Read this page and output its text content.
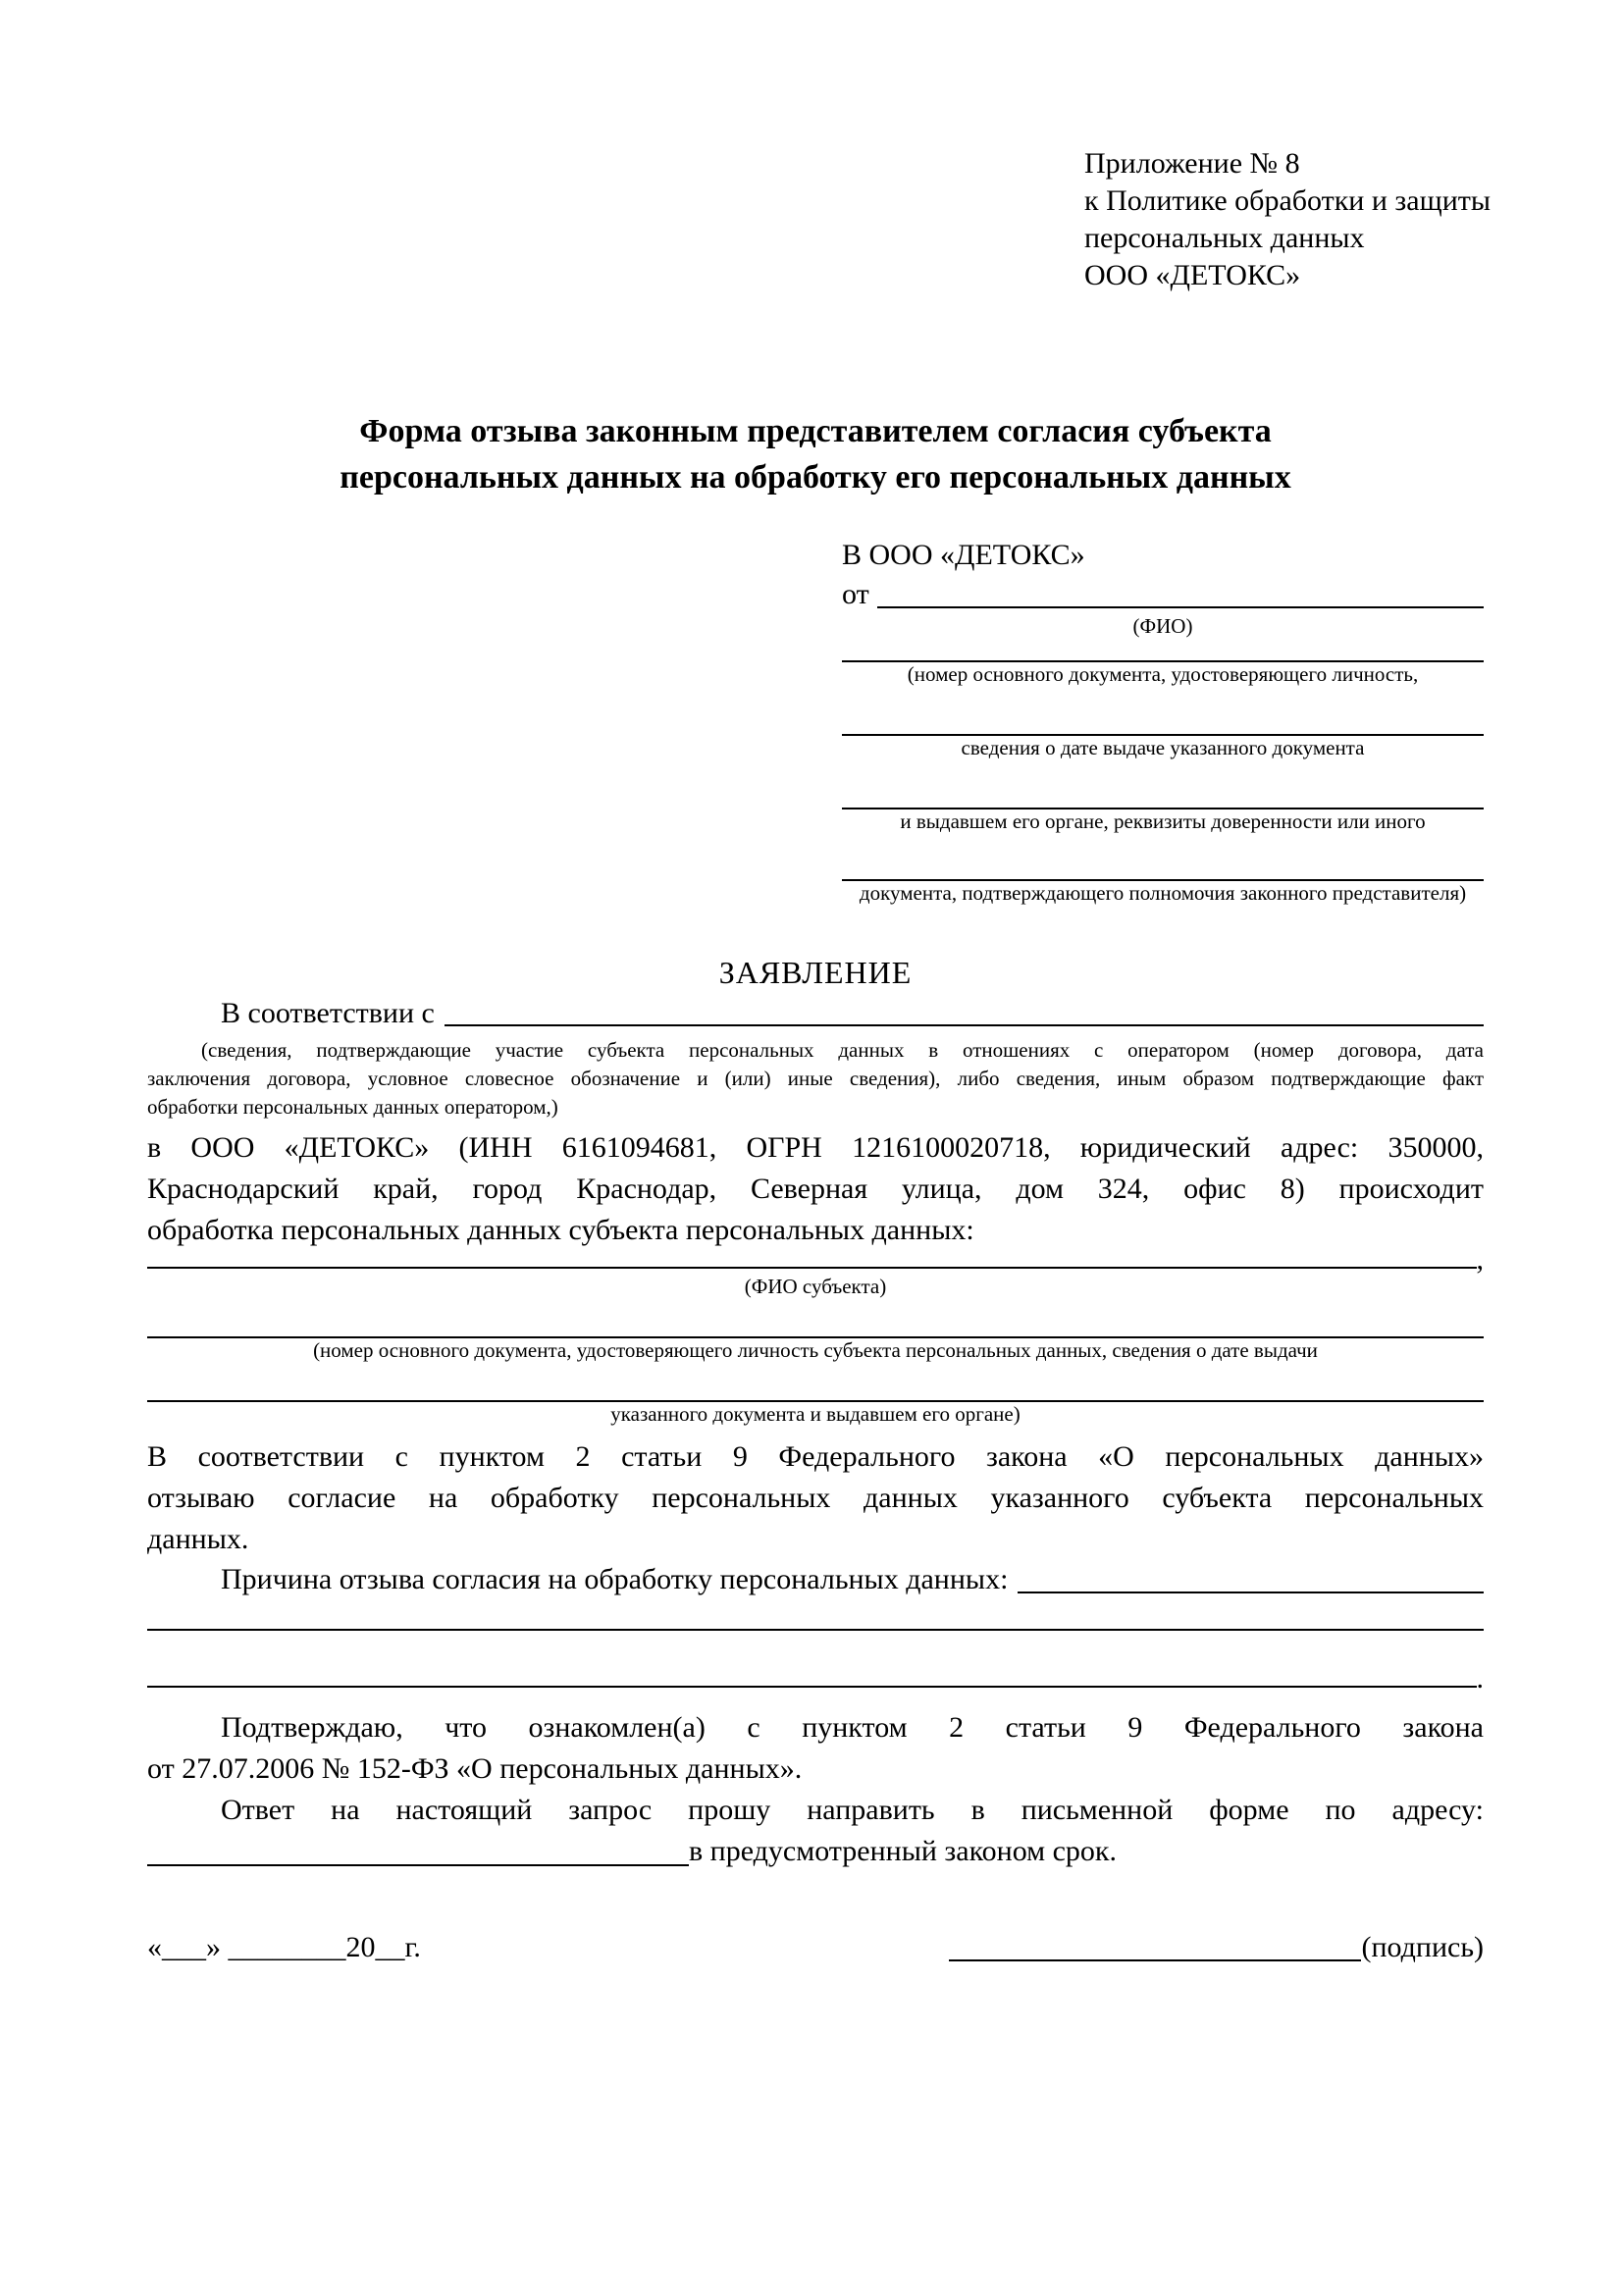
Приложение № 8
к Политике обработки и защиты
персональных данных
ООО «ДЕТОКС»
Форма отзыва законным представителем согласия субъекта
персональных данных на обработку его персональных данных
В ООО «ДЕТОКС»
от
(ФИО)
(номер основного документа, удостоверяющего личность,
сведения о дате выдаче указанного документа
и выдавшем его органе, реквизиты доверенности или иного
документа, подтверждающего полномочия законного представителя)
ЗАЯВЛЕНИЕ
В соответствии с
(сведения, подтверждающие участие субъекта персональных данных в отношениях с оператором (номер договора, дата
заключения договора, условное словесное обозначение и (или) иные сведения), либо сведения, иным образом подтверждающие факт
обработки персональных данных оператором,)
в ООО «ДЕТОКС» (ИНН 6161094681, ОГРН 1216100020718, юридический адрес: 350000,
Краснодарский край, город Краснодар, Северная улица, дом 324, офис 8) происходит
обработка персональных данных субъекта персональных данных:
,
(ФИО субъекта)
(номер основного документа, удостоверяющего личность субъекта персональных данных, сведения о дате выдачи
указанного документа и выдавшем его органе)
В соответствии с пунктом 2 статьи 9 Федерального закона «О персональных данных»
отзываю согласие на обработку персональных данных указанного субъекта персональных
данных.
Причина отзыва согласия на обработку персональных данных:
.
Подтверждаю, что ознакомлен(а) с пунктом 2 статьи 9 Федерального закона
от 27.07.2006 № 152-ФЗ «О персональных данных».
Ответ на настоящий запрос прошу направить в письменной форме по адресу:
в предусмотренный законом срок.
«___» ________20__г.	(подпись)
